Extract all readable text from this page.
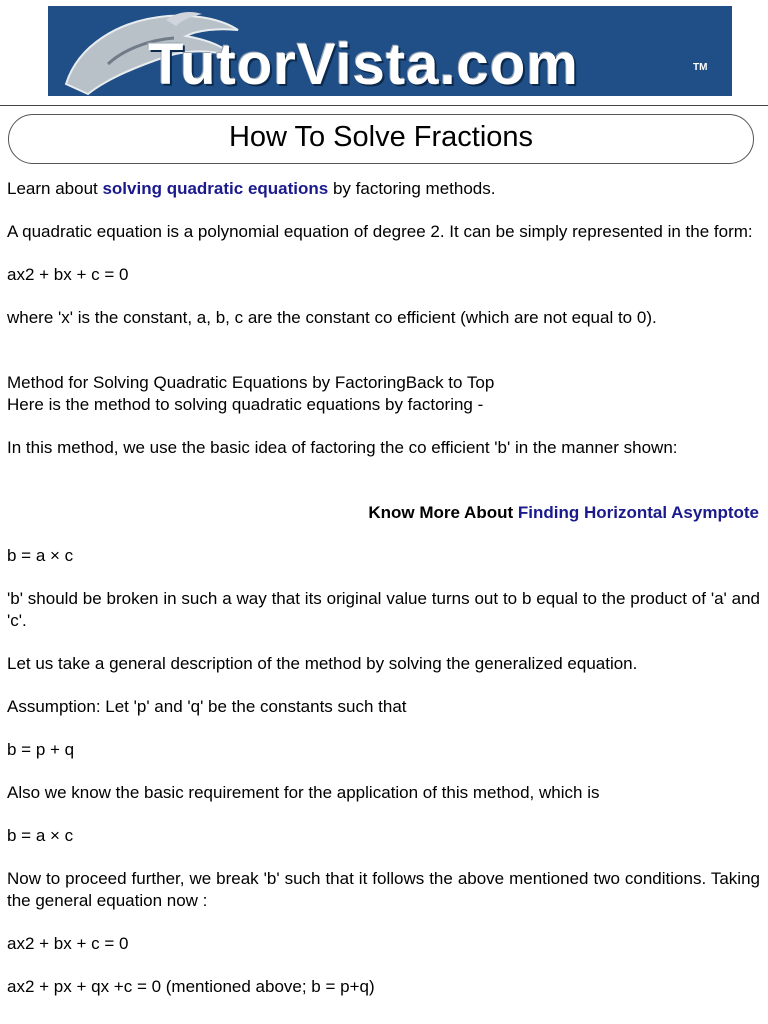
TutorVista.com	TM
How To Solve Fractions

Learn about solving quadratic equations by factoring methods.

A quadratic equation is a polynomial equation of degree 2. It can be simply represented in the form:

ax2 + bx + c = 0

where 'x' is the constant, a, b, c are the constant co efficient (which are not equal to 0).

Method for Solving Quadratic Equations by FactoringBack to Top

Here is the method to solving quadratic equations by factoring -

In this method, we use the basic idea of factoring the co efficient 'b' in the manner shown:

Know More About Finding Horizontal Asymptote

b = a × c

'b' should be broken in such a way that its original value turns out to b equal to the product of 'a' and 'c'.

Let us take a general description of the method by solving the generalized equation.

Assumption: Let 'p' and 'q' be the constants such that

b = p + q

Also we know the basic requirement for the application of this method, which is

b = a × c

Now to proceed further, we break 'b' such that it follows the above mentioned two conditions. Taking the general equation now :

ax2 + bx + c = 0

ax2 + px + qx +c = 0 (mentioned above; b = p+q)
